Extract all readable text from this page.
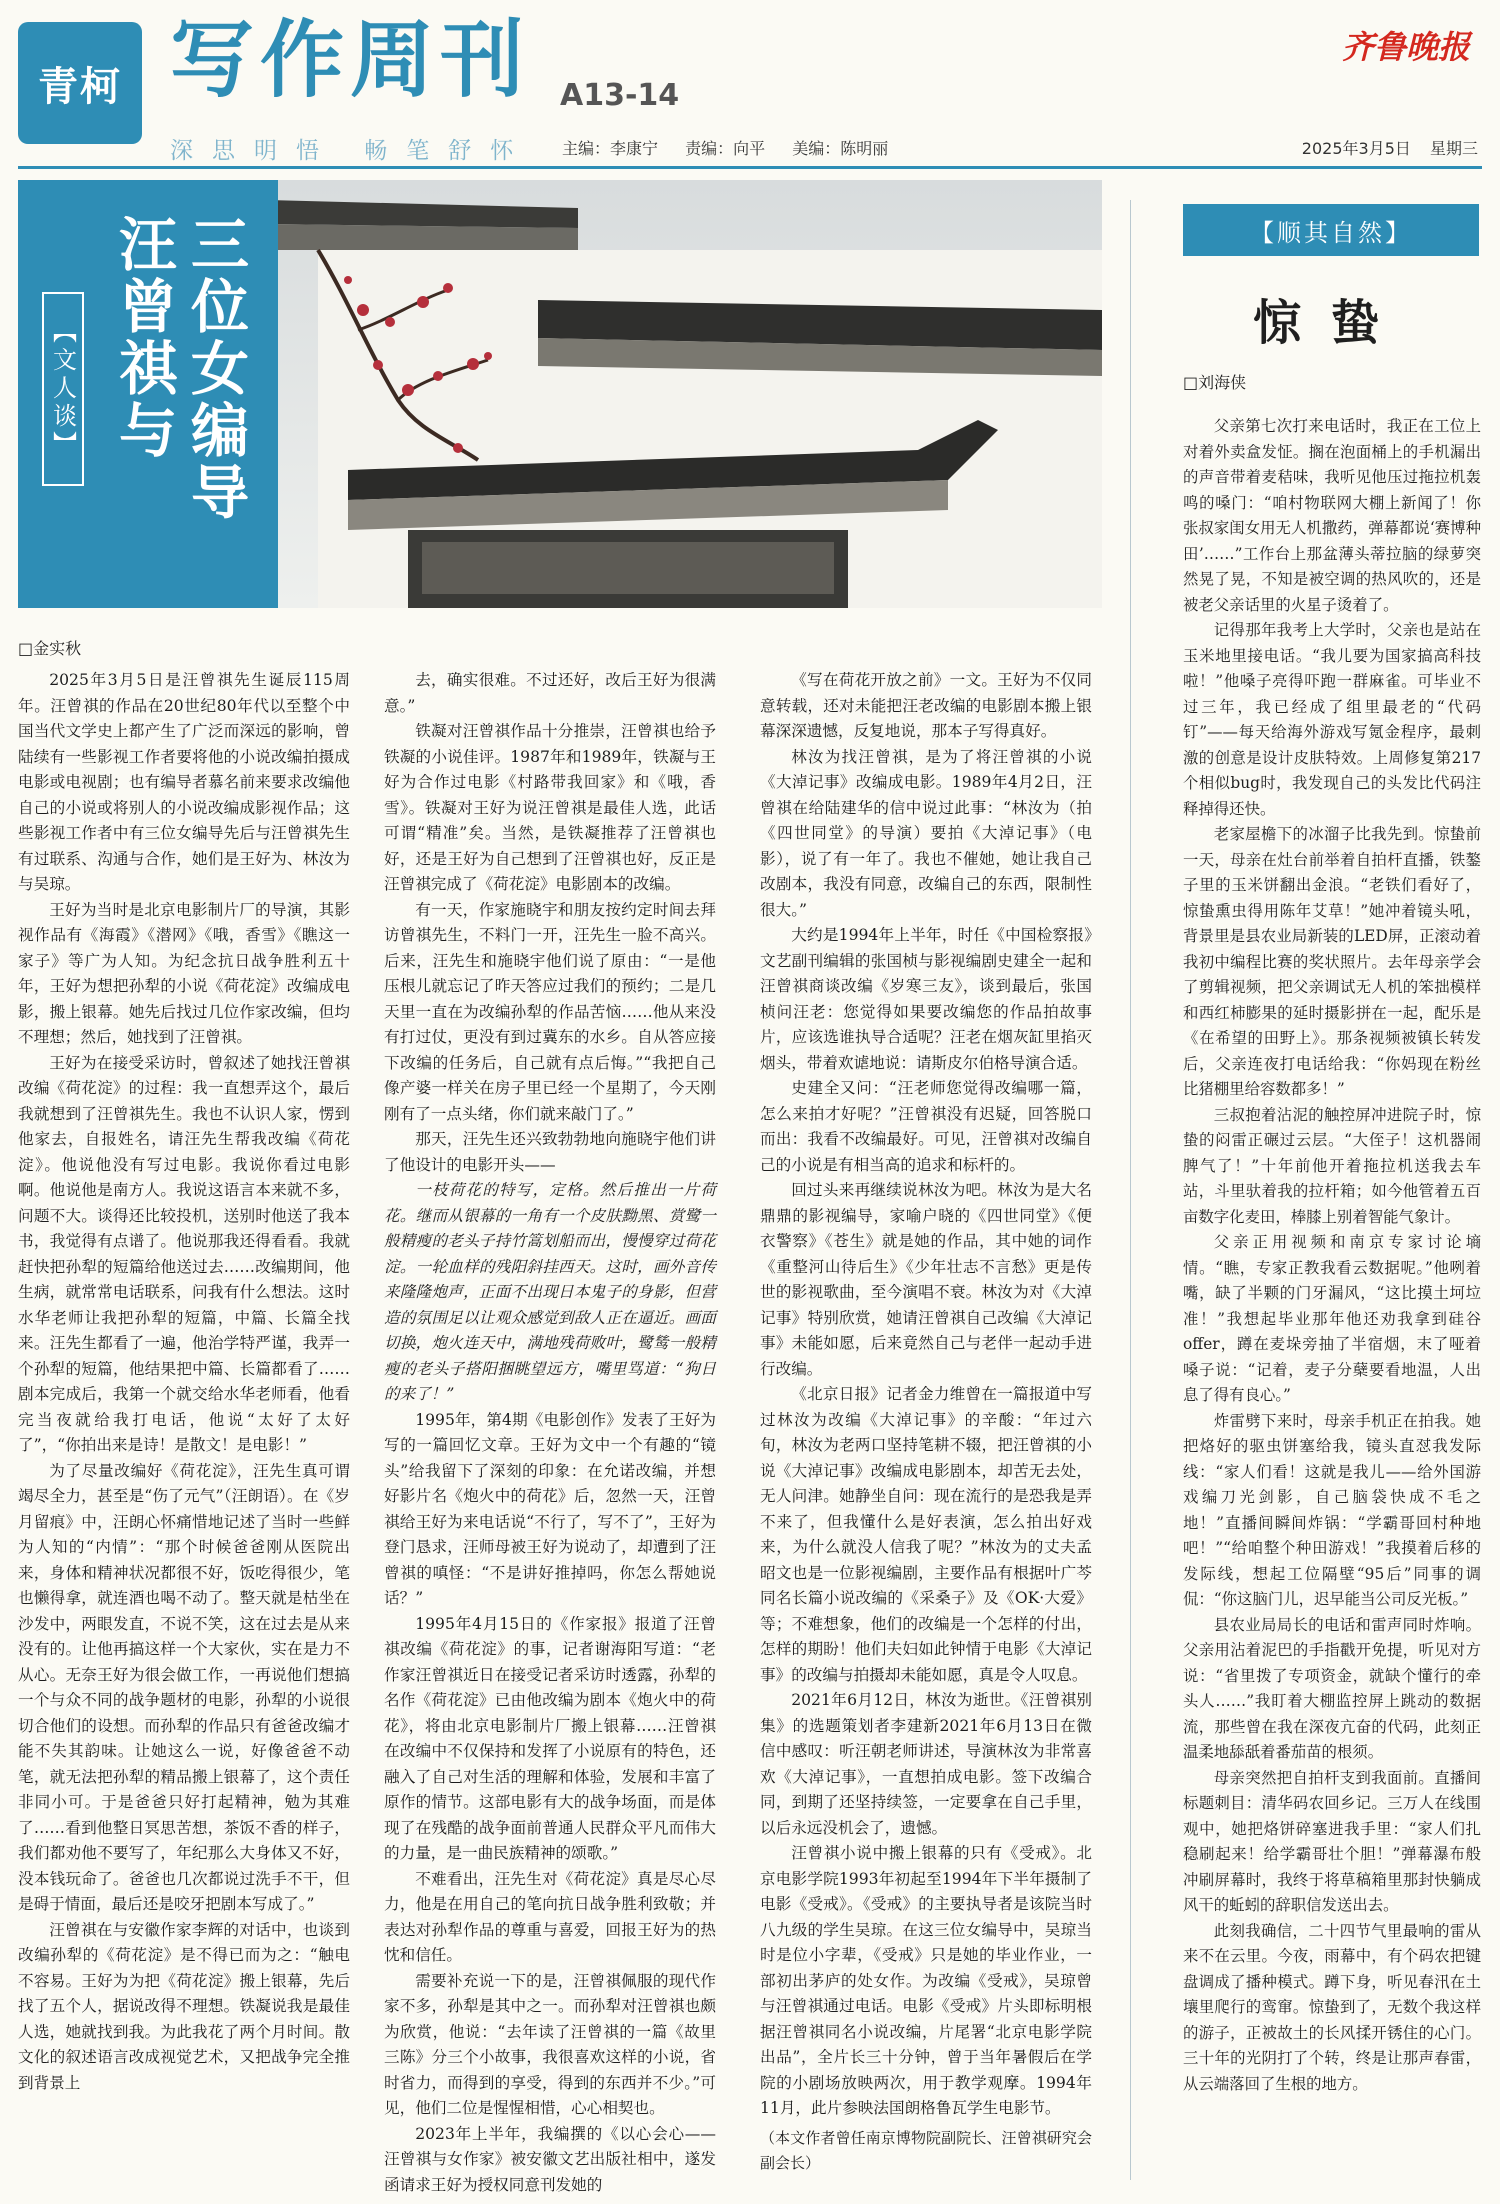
青柯 写作周刊 A13-14
深思明悟 畅笔舒怀 主编：李康宁 责编：向平 美编：陈明丽
齐鲁晚报
2025年3月5日 星期三
三位女编导
汪曾祺与
【文人谈】
□金实秋

2025年3月5日是汪曾祺先生诞辰115周年。汪曾祺的作品在20世纪80年代以至整个中国当代文学史上都产生了广泛而深远的影响，曾陆续有一些影视工作者要将他的小说改编拍摄成电影或电视剧；也有编导者慕名前来要求改编他自己的小说或将别人的小说改编成影视作品；这些影视工作者中有三位女编导先后与汪曾祺先生有过联系、沟通与合作，她们是王好为、林汝为与吴琼。

王好为当时是北京电影制片厂的导演，其影视作品有《海霞》《潜网》《哦，香雪》《瞧这一家子》等广为人知。为纪念抗日战争胜利五十年，王好为想把孙犁的小说《荷花淀》改编成电影，搬上银幕。她先后找过几位作家改编，但均不理想；然后，她找到了汪曾祺。

王好为在接受采访时，曾叙述了她找汪曾祺改编《荷花淀》的过程：我一直想弄这个，最后我就想到了汪曾祺先生。我也不认识人家，愣到他家去，自报姓名，请汪先生帮我改编《荷花淀》。他说他没有写过电影。我说你看过电影啊。他说他是南方人。我说这语言本来就不多，问题不大。谈得还比较投机，送别时他送了我本书，我觉得有点谱了。他说那我还得看看。我就赶快把孙犁的短篇给他送过去……改编期间，他生病，就常常电话联系，问我有什么想法。这时水华老师让我把孙犁的短篇，中篇、长篇全找来。汪先生都看了一遍，他治学特严谨，我弄一个孙犁的短篇，他结果把中篇、长篇都看了……剧本完成后，我第一个就交给水华老师看，他看完当夜就给我打电话，他说“太好了太好了”，“你拍出来是诗！是散文！是电影！”

为了尽量改编好《荷花淀》，汪先生真可谓竭尽全力，甚至是“伤了元气”（汪朗语）。在《岁月留痕》中，汪朗心怀痛惜地记述了当时一些鲜为人知的“内情”：“那个时候爸爸刚从医院出来，身体和精神状况都很不好，饭吃得很少，笔也懒得拿，就连酒也喝不动了。整天就是枯坐在沙发中，两眼发直，不说不笑，这在过去是从来没有的。让他再搞这样一个大家伙，实在是力不从心。无奈王好为很会做工作，一再说他们想搞一个与众不同的战争题材的电影，孙犁的小说很切合他们的设想。而孙犁的作品只有爸爸改编才能不失其韵味。让她这么一说，好像爸爸不动笔，就无法把孙犁的精品搬上银幕了，这个责任非同小可。于是爸爸只好打起精神，勉为其难了……看到他整日冥思苦想，茶饭不香的样子，我们都劝他不要写了，年纪那么大身体又不好，没本钱玩命了。爸爸也几次都说过洗手不干，但是碍于情面，最后还是咬牙把剧本写成了。”

汪曾祺在与安徽作家李辉的对话中，也谈到改编孙犁的《荷花淀》是不得已而为之：“触电不容易。王好为为把《荷花淀》搬上银幕，先后找了五个人，据说改得不理想。铁凝说我是最佳人选，她就找到我。为此我花了两个月时间。散文化的叙述语言改成视觉艺术，又把战争完全推到背景上

去，确实很难。不过还好，改后王好为很满意。”

铁凝对汪曾祺作品十分推崇，汪曾祺也给予铁凝的小说佳评。1987年和1989年，铁凝与王好为合作过电影《村路带我回家》和《哦，香雪》。铁凝对王好为说汪曾祺是最佳人选，此话可谓“精准”矣。当然，是铁凝推荐了汪曾祺也好，还是王好为自己想到了汪曾祺也好，反正是汪曾祺完成了《荷花淀》电影剧本的改编。

有一天，作家施晓宇和朋友按约定时间去拜访曾祺先生，不料门一开，汪先生一脸不高兴。后来，汪先生和施晓宇他们说了原由：“一是他压根儿就忘记了昨天答应过我们的预约；二是几天里一直在为改编孙犁的作品苦恼……他从来没有打过仗，更没有到过冀东的水乡。自从答应接下改编的任务后，自己就有点后悔。”“我把自己像产婆一样关在房子里已经一个星期了，今天刚刚有了一点头绪，你们就来敲门了。”

那天，汪先生还兴致勃勃地向施晓宇他们讲了他设计的电影开头——

一枝荷花的特写，定格。然后推出一片荷花。继而从银幕的一角有一个皮肤黝黑、赏鹭一般精瘦的老头子持竹篙划船而出，慢慢穿过荷花淀。一轮血样的残阳斜挂西天。这时，画外音传来隆隆炮声，正面不出现日本鬼子的身影，但营造的氛围足以让观众感觉到敌人正在逼近。画面切换，炮火连天中，满地残荷败叶，鹭鸶一般精瘦的老头子搭阳捆眺望远方，嘴里骂道：“狗日的来了！”

1995年，第4期《电影创作》发表了王好为写的一篇回忆文章。王好为文中一个有趣的“镜头”给我留下了深刻的印象：在允诺改编，并想好影片名《炮火中的荷花》后，忽然一天，汪曾祺给王好为来电话说“不行了，写不了”，王好为登门恳求，汪师母被王好为说动了，却遭到了汪曾祺的嗔怪：“不是讲好推掉吗，你怎么帮她说话？”

1995年4月15日的《作家报》报道了汪曾祺改编《荷花淀》的事，记者谢海阳写道：“老作家汪曾祺近日在接受记者采访时透露，孙犁的名作《荷花淀》已由他改编为剧本《炮火中的荷花》，将由北京电影制片厂搬上银幕……汪曾祺在改编中不仅保持和发挥了小说原有的特色，还融入了自己对生活的理解和体验，发展和丰富了原作的情节。这部电影有大的战争场面，而是体现了在残酷的战争面前普通人民群众平凡而伟大的力量，是一曲民族精神的颂歌。”

不难看出，汪先生对《荷花淀》真是尽心尽力，他是在用自己的笔向抗日战争胜利致敬；并表达对孙犁作品的尊重与喜爱，回报王好为的热忱和信任。

需要补充说一下的是，汪曾祺佩服的现代作家不多，孙犁是其中之一。而孙犁对汪曾祺也颇为欣赏，他说：“去年读了汪曾祺的一篇《故里三陈》分三个小故事，我很喜欢这样的小说，省时省力，而得到的享受，得到的东西并不少。”可见，他们二位是惺惺相惜，心心相契也。

2023年上半年，我编撰的《以心会心——汪曾祺与女作家》被安徽文艺出版社相中，遂发函请求王好为授权同意刊发她的

《写在荷花开放之前》一文。王好为不仅同意转载，还对未能把汪老改编的电影剧本搬上银幕深深遗憾，反复地说，那本子写得真好。

林汝为找汪曾祺，是为了将汪曾祺的小说《大淖记事》改编成电影。1989年4月2日，汪曾祺在给陆建华的信中说过此事：“林汝为（拍《四世同堂》的导演）要拍《大淖记事》（电影），说了有一年了。我也不催她，她让我自己改剧本，我没有同意，改编自己的东西，限制性很大。”

大约是1994年上半年，时任《中国检察报》文艺副刊编辑的张国桢与影视编剧史建全一起和汪曾祺商谈改编《岁寒三友》，谈到最后，张国桢问汪老：您觉得如果要改编您的作品拍故事片，应该选谁执导合适呢？汪老在烟灰缸里掐灭烟头，带着欢谑地说：请斯皮尔伯格导演合适。

史建全又问：“汪老师您觉得改编哪一篇，怎么来拍才好呢？”汪曾祺没有迟疑，回答脱口而出：我看不改编最好。可见，汪曾祺对改编自己的小说是有相当高的追求和标杆的。

回过头来再继续说林汝为吧。林汝为是大名鼎鼎的影视编导，家喻户晓的《四世同堂》《便衣警察》《苍生》就是她的作品，其中她的词作《重整河山待后生》《少年壮志不言愁》更是传世的影视歌曲，至今演唱不衰。林汝为对《大淖记事》特别欣赏，她请汪曾祺自己改编《大淖记事》未能如愿，后来竟然自己与老伴一起动手进行改编。

《北京日报》记者金力维曾在一篇报道中写过林汝为改编《大淖记事》的辛酸：“年过六旬，林汝为老两口坚持笔耕不辍，把汪曾祺的小说《大淖记事》改编成电影剧本，却苦无去处，无人问津。她静坐自问：现在流行的是恐我是弄不来了，但我懂什么是好表演，怎么拍出好戏来，为什么就没人信我了呢？”林汝为的丈夫孟昭文也是一位影视编剧，主要作品有根据叶广芩同名长篇小说改编的《采桑子》及《OK·大爱》等；不难想象，他们的改编是一个怎样的付出，怎样的期盼！他们夫妇如此钟情于电影《大淖记事》的改编与拍摄却未能如愿，真是令人叹息。

2021年6月12日，林汝为逝世。《汪曾祺别集》的选题策划者李建新2021年6月13日在微信中感叹：听汪朝老师讲述，导演林汝为非常喜欢《大淖记事》，一直想拍成电影。签下改编合同，到期了还坚持续签，一定要拿在自己手里，以后永远没机会了，遗憾。

汪曾祺小说中搬上银幕的只有《受戒》。北京电影学院1993年初起至1994年下半年摄制了电影《受戒》。《受戒》的主要执导者是该院当时八九级的学生吴琼。在这三位女编导中，吴琼当时是位小字辈，《受戒》只是她的毕业作业，一部初出茅庐的处女作。为改编《受戒》，吴琼曾与汪曾祺通过电话。电影《受戒》片头即标明根据汪曾祺同名小说改编，片尾署“北京电影学院出品”，全片长三十分钟，曾于当年暑假后在学院的小剧场放映两次，用于教学观摩。1994年11月，此片参映法国朗格鲁瓦学生电影节。

（本文作者曾任南京博物院副院长、汪曾祺研究会副会长）

【顺其自然】
惊蛰
□刘海侠

父亲第七次打来电话时，我正在工位上对着外卖盒发怔。搁在泡面桶上的手机漏出的声音带着麦秸味，我听见他压过拖拉机轰鸣的嗓门：“咱村物联网大棚上新闻了！你张叔家闺女用无人机撒药，弹幕都说‘赛博种田’……”工作台上那盆薄头蒂拉脑的绿萝突然晃了晃，不知是被空调的热风吹的，还是被老父亲话里的火星子烫着了。

记得那年我考上大学时，父亲也是站在玉米地里接电话。“我儿要为国家搞高科技啦！”他嗓子亮得吓跑一群麻雀。可毕业不过三年，我已经成了组里最老的“代码钉”——每天给海外游戏写氪金程序，最刺激的创意是设计皮肤特效。上周修复第217个相似bug时，我发现自己的头发比代码注释掉得还快。

老家屋檐下的冰溜子比我先到。惊蛰前一天，母亲在灶台前举着自拍杆直播，铁鏊子里的玉米饼翻出金浪。“老铁们看好了，惊蛰熏虫得用陈年艾草！”她冲着镜头吼，背景里是县农业局新装的LED屏，正滚动着我初中编程比赛的奖状照片。去年母亲学会了剪辑视频，把父亲调试无人机的笨拙模样和西红柿膨果的延时摄影拼在一起，配乐是《在希望的田野上》。那条视频被镇长转发后，父亲连夜打电话给我：“你妈现在粉丝比猪棚里给容数都多！”

三叔抱着沾泥的触控屏冲进院子时，惊蛰的闷雷正碾过云层。“大侄子！这机器闹脾气了！”十年前他开着拖拉机送我去车站，斗里驮着我的拉杆箱；如今他管着五百亩数字化麦田，棒膝上别着智能气象计。

父亲正用视频和南京专家讨论墒情。“瞧，专家正教我看云数据呢。”他咧着嘴，缺了半颗的门牙漏风，“这比摸土坷垃准！”我想起毕业那年他还劝我拿到硅谷offer，蹲在麦垛旁抽了半宿烟，末了哑着嗓子说：“记着，麦子分蘖要看地温，人出息了得有良心。”

炸雷劈下来时，母亲手机正在拍我。她把烙好的驱虫饼塞给我，镜头直怼我发际线：“家人们看！这就是我儿——给外国游戏编刀光剑影，自己脑袋快成不毛之地！”直播间瞬间炸锅：“学霸哥回村种地吧！”“给咱整个种田游戏！”我摸着后移的发际线，想起工位隔壁“95后”同事的调侃：“你这脑门儿，迟早能当公司反光板。”

县农业局局长的电话和雷声同时炸响。父亲用沾着泥巴的手指戳开免提，听见对方说：“省里拨了专项资金，就缺个懂行的牵头人……”我盯着大棚监控屏上跳动的数据流，那些曾在我在深夜亢奋的代码，此刻正温柔地舔舐着番茄苗的根须。

母亲突然把自拍杆支到我面前。直播间标题刺目：清华码农回乡记。三万人在线围观中，她把烙饼碎塞进我手里：“家人们扎稳刷起来！给学霸哥壮个胆！”弹幕瀑布般冲刷屏幕时，我终于将草稿箱里那封快躺成风干的蚯蚓的辞职信发送出去。

此刻我确信，二十四节气里最响的雷从来不在云里。今夜，雨幕中，有个码农把键盘调成了播种模式。蹲下身，听见春汛在土壤里爬行的鸾窜。惊蛰到了，无数个我这样的游子，正被故土的长风揉开锈住的心门。三十年的光阴打了个转，终是让那声春雷，从云端落回了生根的地方。
